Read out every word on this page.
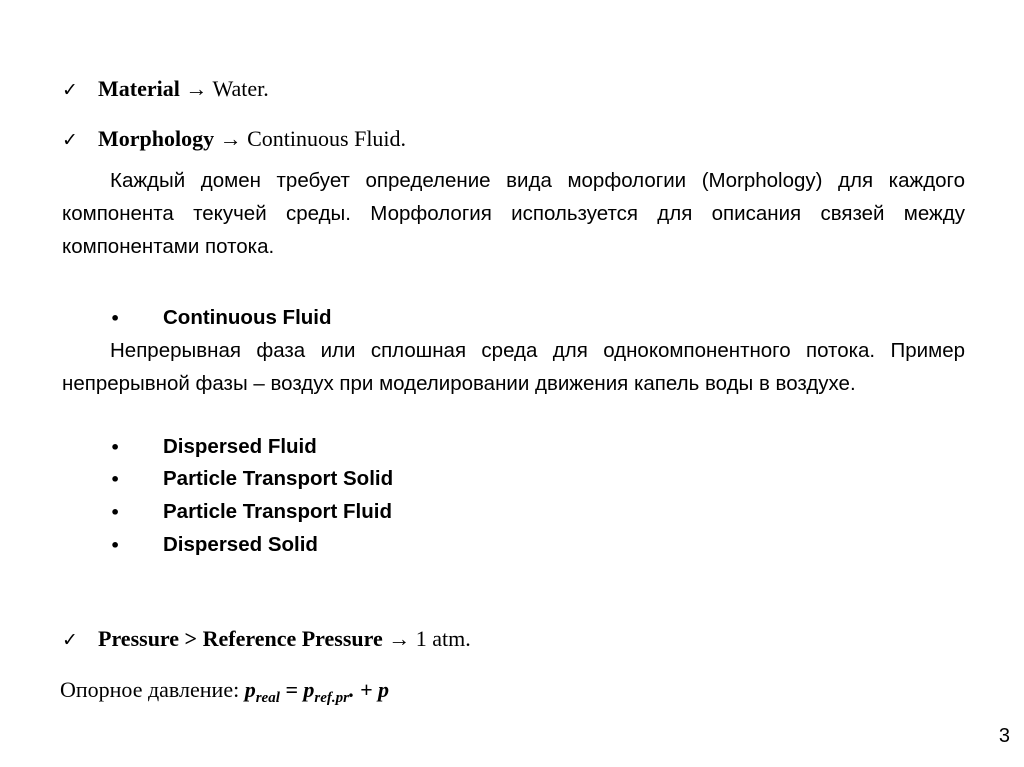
✓ Material → Water.
✓ Morphology → Continuous Fluid.
Каждый домен требует определение вида морфологии (Morphology) для каждого компонента текучей среды. Морфология используется для описания связей между компонентами потока.
• Continuous Fluid
Непрерывная фаза или сплошная среда для однокомпонентного потока. Пример непрерывной фазы – воздух при моделировании движения капель воды в воздухе.
• Dispersed Fluid
• Particle Transport Solid
• Particle Transport Fluid
• Dispersed Solid
✓ Pressure > Reference Pressure → 1 atm.
Опорное давление: $p_{real} = p_{ref.pr}$. + p
3
